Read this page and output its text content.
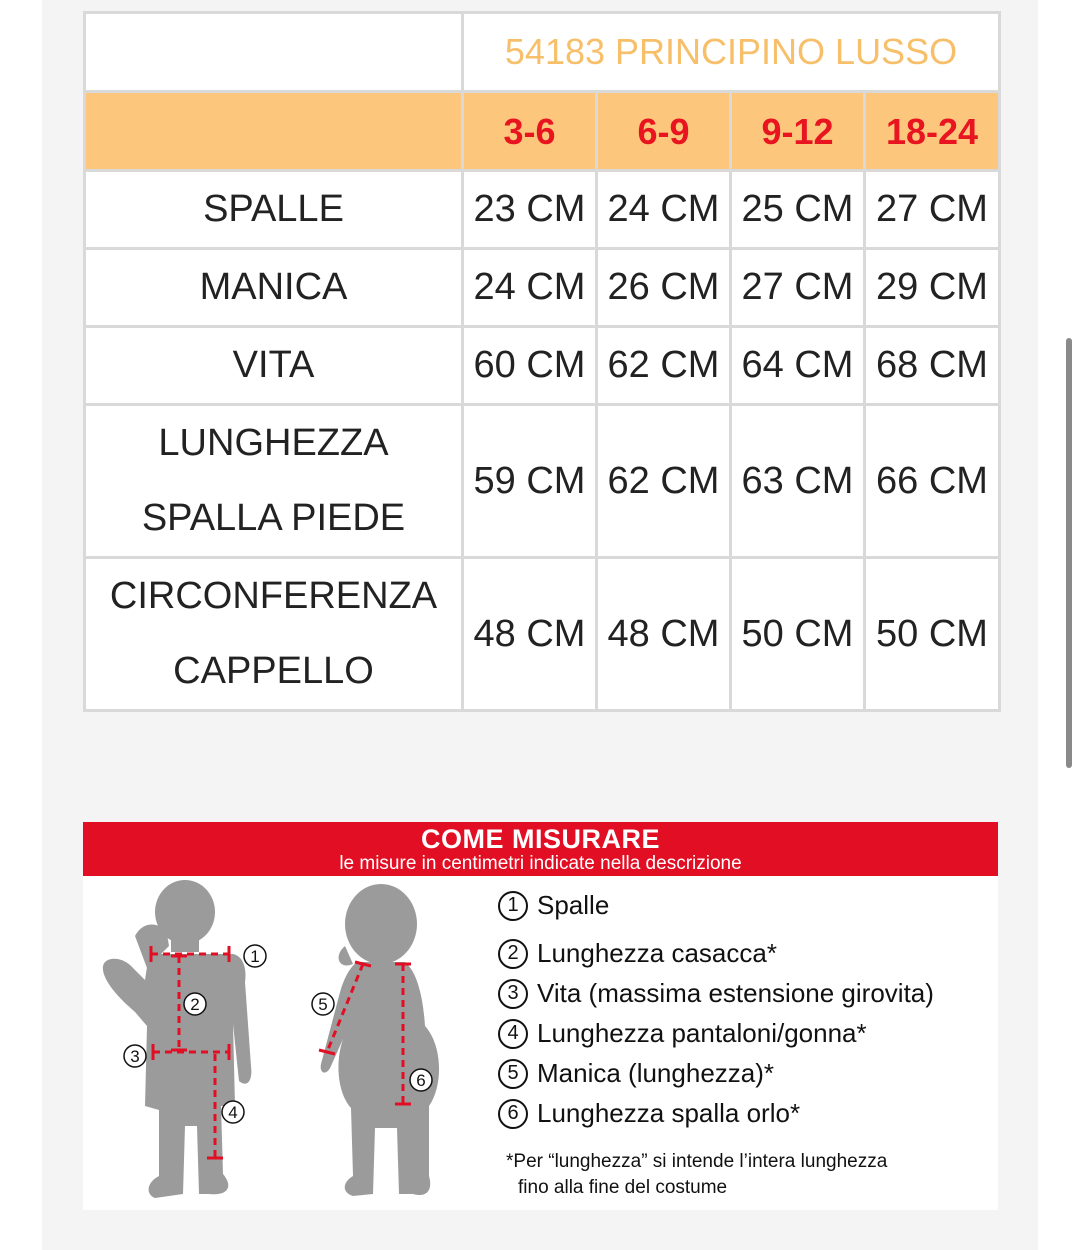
	54183 PRINCIPINO LUSSO			
	3-6	6-9	9-12	18-24
SPALLE	23 CM	24 CM	25 CM	27 CM
MANICA	24 CM	26 CM	27 CM	29 CM
VITA	60 CM	62 CM	64 CM	68 CM

LUNGHEZZA
SPALLA PIEDE	59 CM	62 CM	63 CM	66 CM

CIRCONFERENZA
CAPPELLO	48 CM	48 CM	50 CM	50 CM
COME MISURARE
le misure in centimetri indicate nella descrizione
1
2
3
4
5
6
1 Spalle
2 Lunghezza casacca*
3 Vita (massima estensione girovita)
4 Lunghezza pantaloni/gonna*
5 Manica (lunghezza)*
6 Lunghezza spalla orlo*
*Per “lunghezza” si intende l’intera lunghezza
fino alla fine del costume
